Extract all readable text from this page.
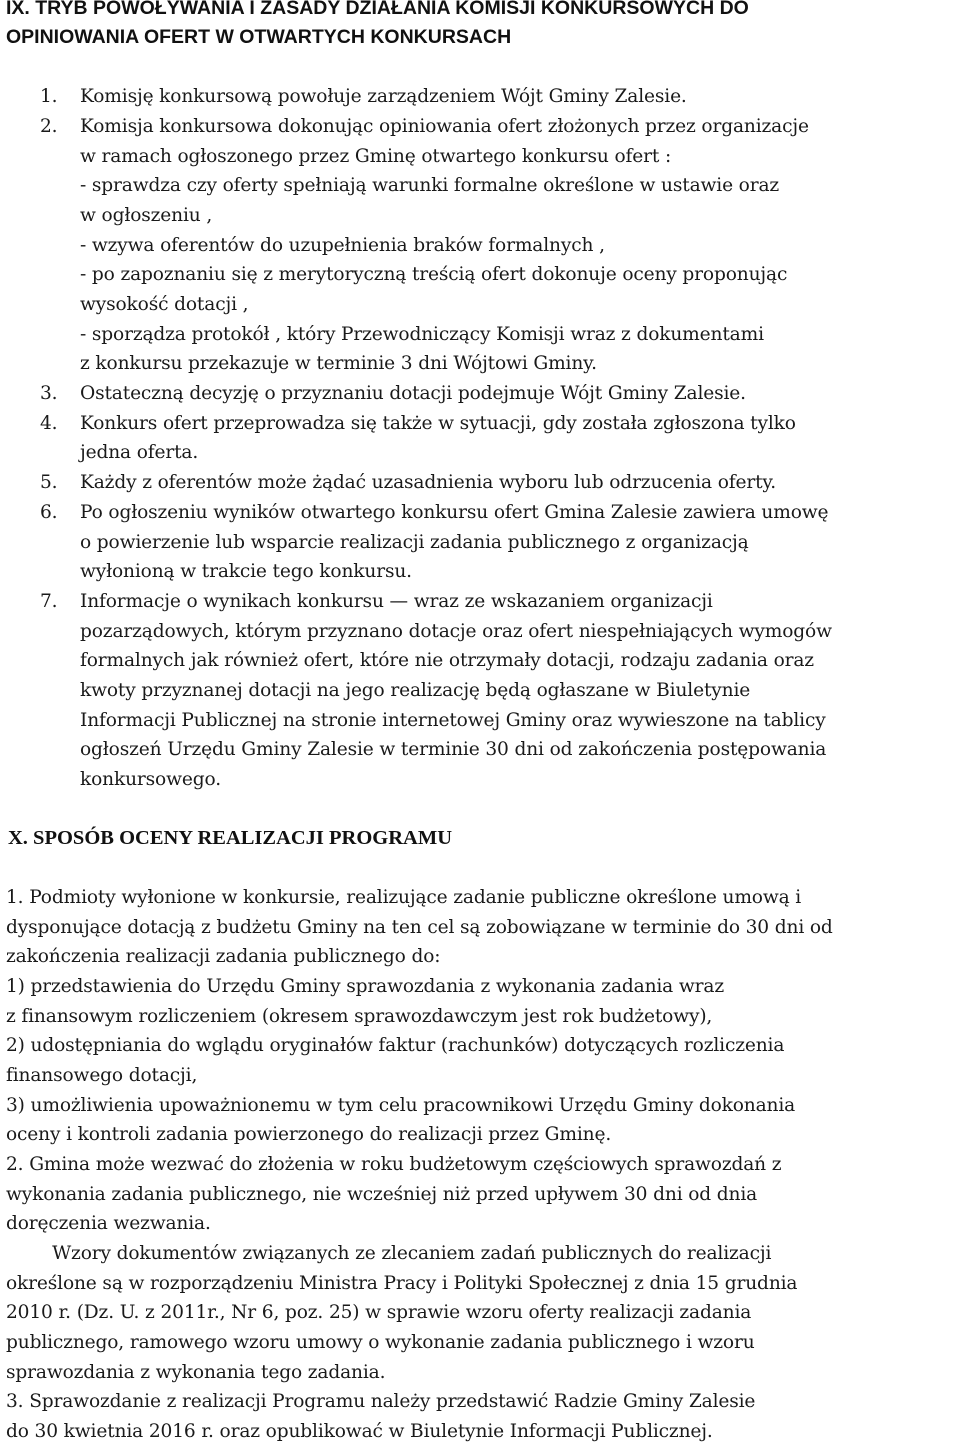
IX. TRYB POWOŁYWANIA I ZASADY DZIAŁANIA KOMISJI KONKURSOWYCH DO
OPINIOWANIA OFERT W OTWARTYCH KONKURSACH
1. Komisję konkursową powołuje zarządzeniem Wójt Gminy Zalesie.
2. Komisja konkursowa dokonując opiniowania ofert złożonych przez organizacje
w ramach ogłoszonego przez Gminę otwartego konkursu ofert :
- sprawdza czy oferty spełniają warunki formalne określone w ustawie oraz
w ogłoszeniu ,
- wzywa oferentów do uzupełnienia braków formalnych ,
- po zapoznaniu się z merytoryczną treścią ofert dokonuje oceny proponując
wysokość dotacji ,
- sporządza protokół , który Przewodniczący Komisji wraz z dokumentami
z konkursu przekazuje w terminie 3 dni Wójtowi Gminy.
3. Ostateczną decyzję o przyznaniu dotacji podejmuje Wójt Gminy Zalesie.
4. Konkurs ofert przeprowadza się także w sytuacji, gdy została zgłoszona tylko
jedna oferta.
5. Każdy z oferentów może żądać uzasadnienia wyboru lub odrzucenia oferty.
6. Po ogłoszeniu wyników otwartego konkursu ofert Gmina Zalesie zawiera umowę
o powierzenie lub wsparcie realizacji zadania publicznego z organizacją
wyłonioną w trakcie tego konkursu.
7. Informacje o wynikach konkursu — wraz ze wskazaniem organizacji
pozarządowych, którym przyznano dotacje oraz ofert niespełniających wymogów
formalnych jak również ofert, które nie otrzymały dotacji, rodzaju zadania oraz
kwoty przyznanej dotacji na jego realizację będą ogłaszane w Biuletynie
Informacji Publicznej na stronie internetowej Gminy oraz wywieszone na tablicy
ogłoszeń Urzędu Gminy Zalesie w terminie 30 dni od zakończenia postępowania
konkursowego.
X. SPOSÓB OCENY REALIZACJI PROGRAMU
1. Podmioty wyłonione w konkursie, realizujące zadanie publiczne określone umową i
dysponujące dotacją z budżetu Gminy na ten cel są zobowiązane w terminie do 30 dni od
zakończenia realizacji zadania publicznego do:
1) przedstawienia do Urzędu Gminy sprawozdania z wykonania zadania wraz
z finansowym rozliczeniem (okresem sprawozdawczym jest rok budżetowy),
2) udostępniania do wglądu oryginałów faktur (rachunków) dotyczących rozliczenia
finansowego dotacji,
3) umożliwienia upoważnionemu w tym celu pracownikowi Urzędu Gminy dokonania
oceny i kontroli zadania powierzonego do realizacji przez Gminę.
2. Gmina może wezwać do złożenia w roku budżetowym częściowych sprawozdań z
wykonania zadania publicznego, nie wcześniej niż przed upływem 30 dni od dnia
doręczenia wezwania.
Wzory dokumentów związanych ze zlecaniem zadań publicznych do realizacji
określone są w rozporządzeniu Ministra Pracy i Polityki Społecznej z dnia 15 grudnia
2010 r. (Dz. U. z 2011r., Nr 6, poz. 25) w sprawie wzoru oferty realizacji zadania
publicznego, ramowego wzoru umowy o wykonanie zadania publicznego i wzoru
sprawozdania z wykonania tego zadania.
3. Sprawozdanie z realizacji Programu należy przedstawić Radzie Gminy Zalesie
do 30 kwietnia 2016 r. oraz opublikować w Biuletynie Informacji Publicznej.
